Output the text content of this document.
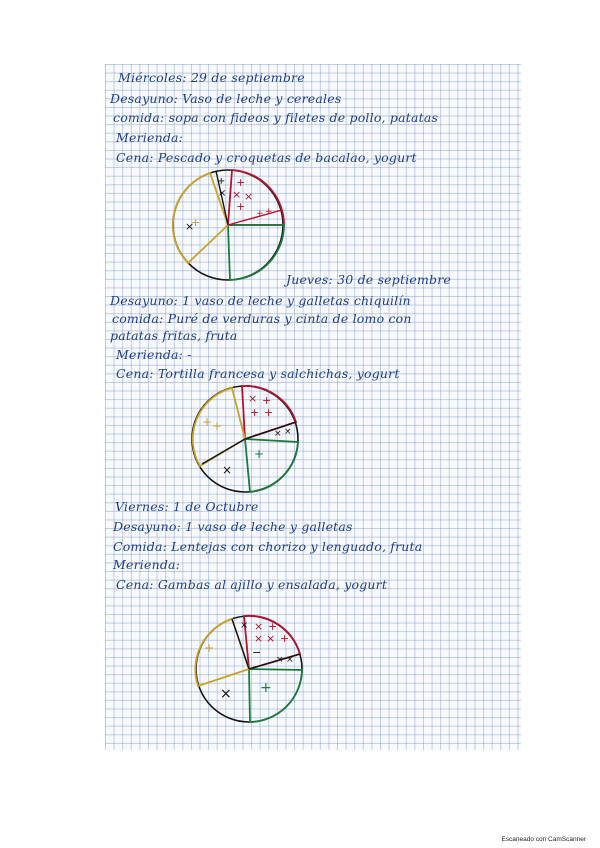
Miércoles: 29 de septiembre
Desayuno: Vaso de leche y cereales
comida: sopa con fideos y filetes de pollo, patatas
Merienda:
Cena: Pescado y croquetas de bacalao, yogurt
+
× ×
+
+ +
+
×
×
+
Jueves: 30 de septiembre
Desayuno: 1 vaso de leche y galletas chiquilín
comida: Puré de verduras y cinta de lomo con
patatas fritas, fruta
Merienda: -
Cena: Tortilla francesa y salchichas, yogurt
× +
+ +
× ×
+ +
+
×
Viernes: 1 de Octubre
Desayuno: 1 vaso de leche y galletas
Comida: Lentejas con chorizo y lenguado, fruta
Merienda:
Cena: Gambas al ajillo y ensalada, yogurt
× × +
× × +
−
× ×
+
× +
Escaneado con CamScanner
